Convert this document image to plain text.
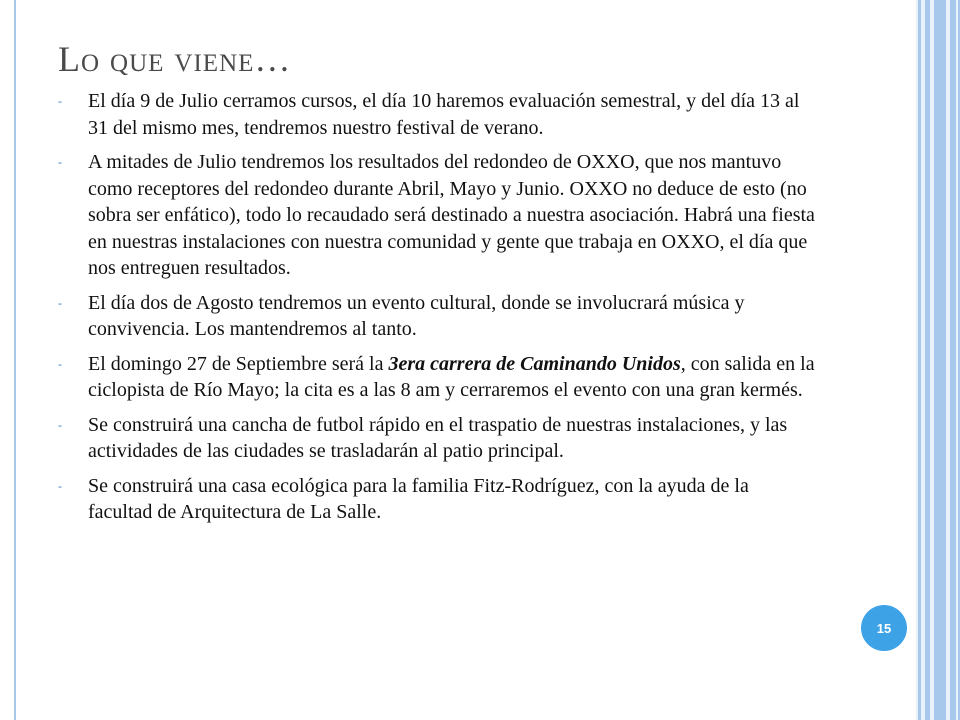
Lo que viene…
- El día 9 de Julio cerramos cursos, el día 10 haremos evaluación semestral, y del día 13 al 31 del mismo mes, tendremos nuestro festival de verano.
- A mitades de Julio tendremos los resultados del redondeo de OXXO, que nos mantuvo como receptores del redondeo durante Abril, Mayo y Junio. OXXO no deduce de esto (no sobra ser enfático), todo lo recaudado será destinado a nuestra asociación. Habrá una fiesta en nuestras instalaciones con nuestra comunidad y gente que trabaja en OXXO, el día que nos entreguen resultados.
- El día dos de Agosto tendremos un evento cultural, donde se involucrará música y convivencia. Los mantendremos al tanto.
- El domingo 27 de Septiembre será la 3era carrera de Caminando Unidos, con salida en la ciclopista de Río Mayo; la cita es a las 8 am y cerraremos el evento con una gran kermés.
- Se construirá una cancha de futbol rápido en el traspatio de nuestras instalaciones, y las actividades de las ciudades se trasladarán al patio principal.
- Se construirá una casa ecológica para la familia Fitz-Rodríguez, con la ayuda de la facultad de Arquitectura de La Salle.
15
